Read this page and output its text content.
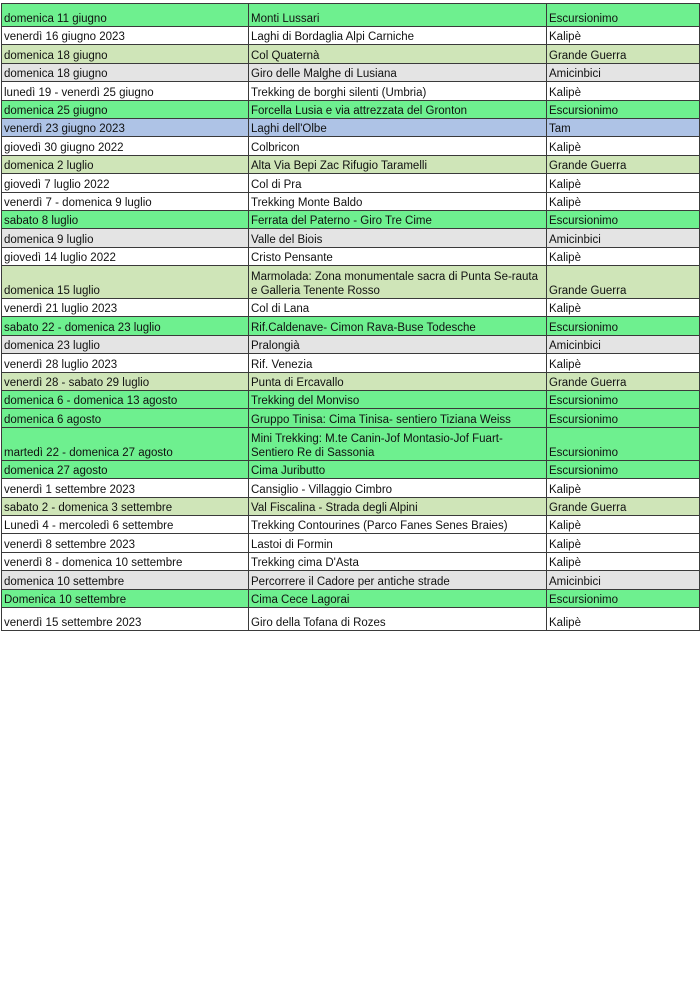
domenica 11 giugno	Monti Lussari	Escursionimo
venerdì 16 giugno 2023	Laghi di Bordaglia Alpi Carniche	Kalipè
domenica 18 giugno	Col Quaternà	Grande Guerra
domenica 18 giugno	Giro delle Malghe di Lusiana	Amicinbici
lunedì 19 - venerdì 25 giugno	Trekking de borghi silenti (Umbria)	Kalipè
domenica 25 giugno	Forcella Lusia e via attrezzata del Gronton	Escursionimo
venerdì 23 giugno 2023	Laghi dell'Olbe	Tam
giovedì 30 giugno 2022	Colbricon	Kalipè
domenica 2 luglio	Alta Via Bepi Zac Rifugio Taramelli	Grande Guerra
giovedì 7 luglio 2022	Col di Pra	Kalipè
venerdì 7 - domenica 9 luglio	Trekking Monte Baldo	Kalipè
sabato 8 luglio	Ferrata del Paterno - Giro Tre Cime	Escursionimo
domenica 9 luglio	Valle del Biois	Amicinbici
giovedì 14 luglio 2022	Cristo Pensante	Kalipè
domenica 15 luglio	Marmolada: Zona monumentale sacra di Punta Se-rauta e Galleria Tenente Rosso	Grande Guerra
venerdì 21 luglio 2023	Col di Lana	Kalipè
sabato 22 - domenica 23 luglio	Rif.Caldenave- Cimon Rava-Buse Todesche	Escursionimo
domenica 23 luglio	Pralongià	Amicinbici
venerdì 28 luglio 2023	Rif. Venezia	Kalipè
venerdì 28 - sabato 29 luglio	Punta di Ercavallo	Grande Guerra
domenica 6 - domenica 13 agosto	Trekking del Monviso	Escursionimo
domenica 6 agosto	Gruppo Tinisa: Cima Tinisa- sentiero Tiziana Weiss	Escursionimo
martedì 22 - domenica 27 agosto	Mini Trekking: M.te Canin-Jof Montasio-Jof Fuart-Sentiero Re di Sassonia	Escursionimo
domenica 27 agosto	Cima Juributto	Escursionimo
venerdì 1 settembre 2023	Cansiglio - Villaggio Cimbro	Kalipè
sabato 2 - domenica 3 settembre	Val Fiscalina - Strada degli Alpini	Grande Guerra
Lunedì 4 - mercoledì 6 settembre	Trekking Contourines (Parco Fanes Senes Braies)	Kalipè
venerdì 8 settembre 2023	Lastoi di Formin	Kalipè
venerdì 8 - domenica 10 settembre	Trekking cima D'Asta	Kalipè
domenica 10 settembre	Percorrere il Cadore per antiche strade	Amicinbici
Domenica 10 settembre	Cima Cece Lagorai	Escursionimo
venerdì 15 settembre 2023	Giro della Tofana di Rozes	Kalipè
